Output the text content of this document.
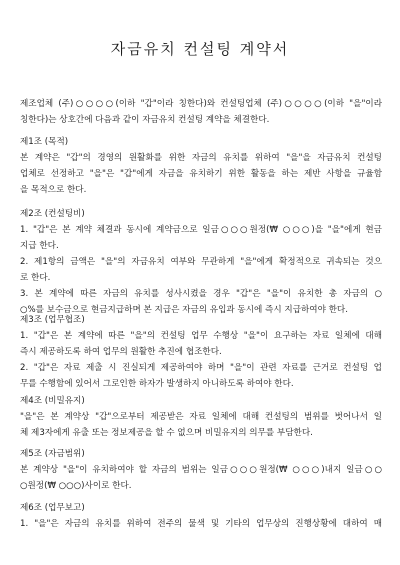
자금유치 컨설팅 계약서
제조업체 (주)○○○○(이하 "갑"이라 칭한다)와 컨설팅업체 (주)○○○○(이하 "을"이라
칭한다)는 상호간에 다음과 같이 자금유치 컨설팅 계약을 체결한다.
제1조 (목적)
본 계약은 "갑"의 경영의 원활화를 위한 자금의 유치를 위하여 "을"을 자금유치 컨설팅
업체로 선정하고 "을"은 "갑"에게 자금을 유치하기 위한 활동을 하는 제반 사항을 규율함
을 목적으로 한다.
제2조 (컨설팅비)
1. "갑"은 본 계약 체결과 동시에 계약금으로 일금○○○원정(₩ ○○○)을 "을"에게 현금
지급 한다.
2. 제1항의 금액은 "을"의 자금유치 여부와 무관하게 "을"에게 확정적으로 귀속되는 것으
로 한다.
3. 본 계약에 따른 자금의 유치를 성사시켰을 경우 "갑"은 "을"이 유치한 총 자금의 ○
○%를 보수금으로 현금지급하며 본 지급은 자금의 유입과 동시에 즉시 지급하여야 한다.
제3조 (업무협조)
1. "갑"은 본 계약에 따른 "을"의 컨설팅 업무 수행상 "을"이 요구하는 자료 일체에 대해
즉시 제공하도록 하여 업무의 원활한 추진에 협조한다.
2. "갑"은 자료 제출 시 진실되게 제공하여야 하며 "을"이 관련 자료를 근거로 컨설팅 업
무를 수행함에 있어서 그로인한 하자가 발생하지 아니하도록 하여야 한다.
제4조 (비밀유지)
"을"은 본 계약상 "갑"으로부터 제공받은 자료 일체에 대해 컨설팅의 범위를 벗어나서 일
체 제3자에게 유출 또는 정보제공을 할 수 없으며 비밀유지의 의무를 부담한다.
제5조 (자금범위)
본 계약상 "을"이 유치하여야 할 자금의 범위는 일금○○○원정(₩ ○○○)내지 일금○○
○원정(₩ ○○○)사이로 한다.
제6조 (업무보고)
1. "을"은 자금의 유치를 위하여 전주의 물색 및 기타의 업무상의 진행상황에 대하여 매
